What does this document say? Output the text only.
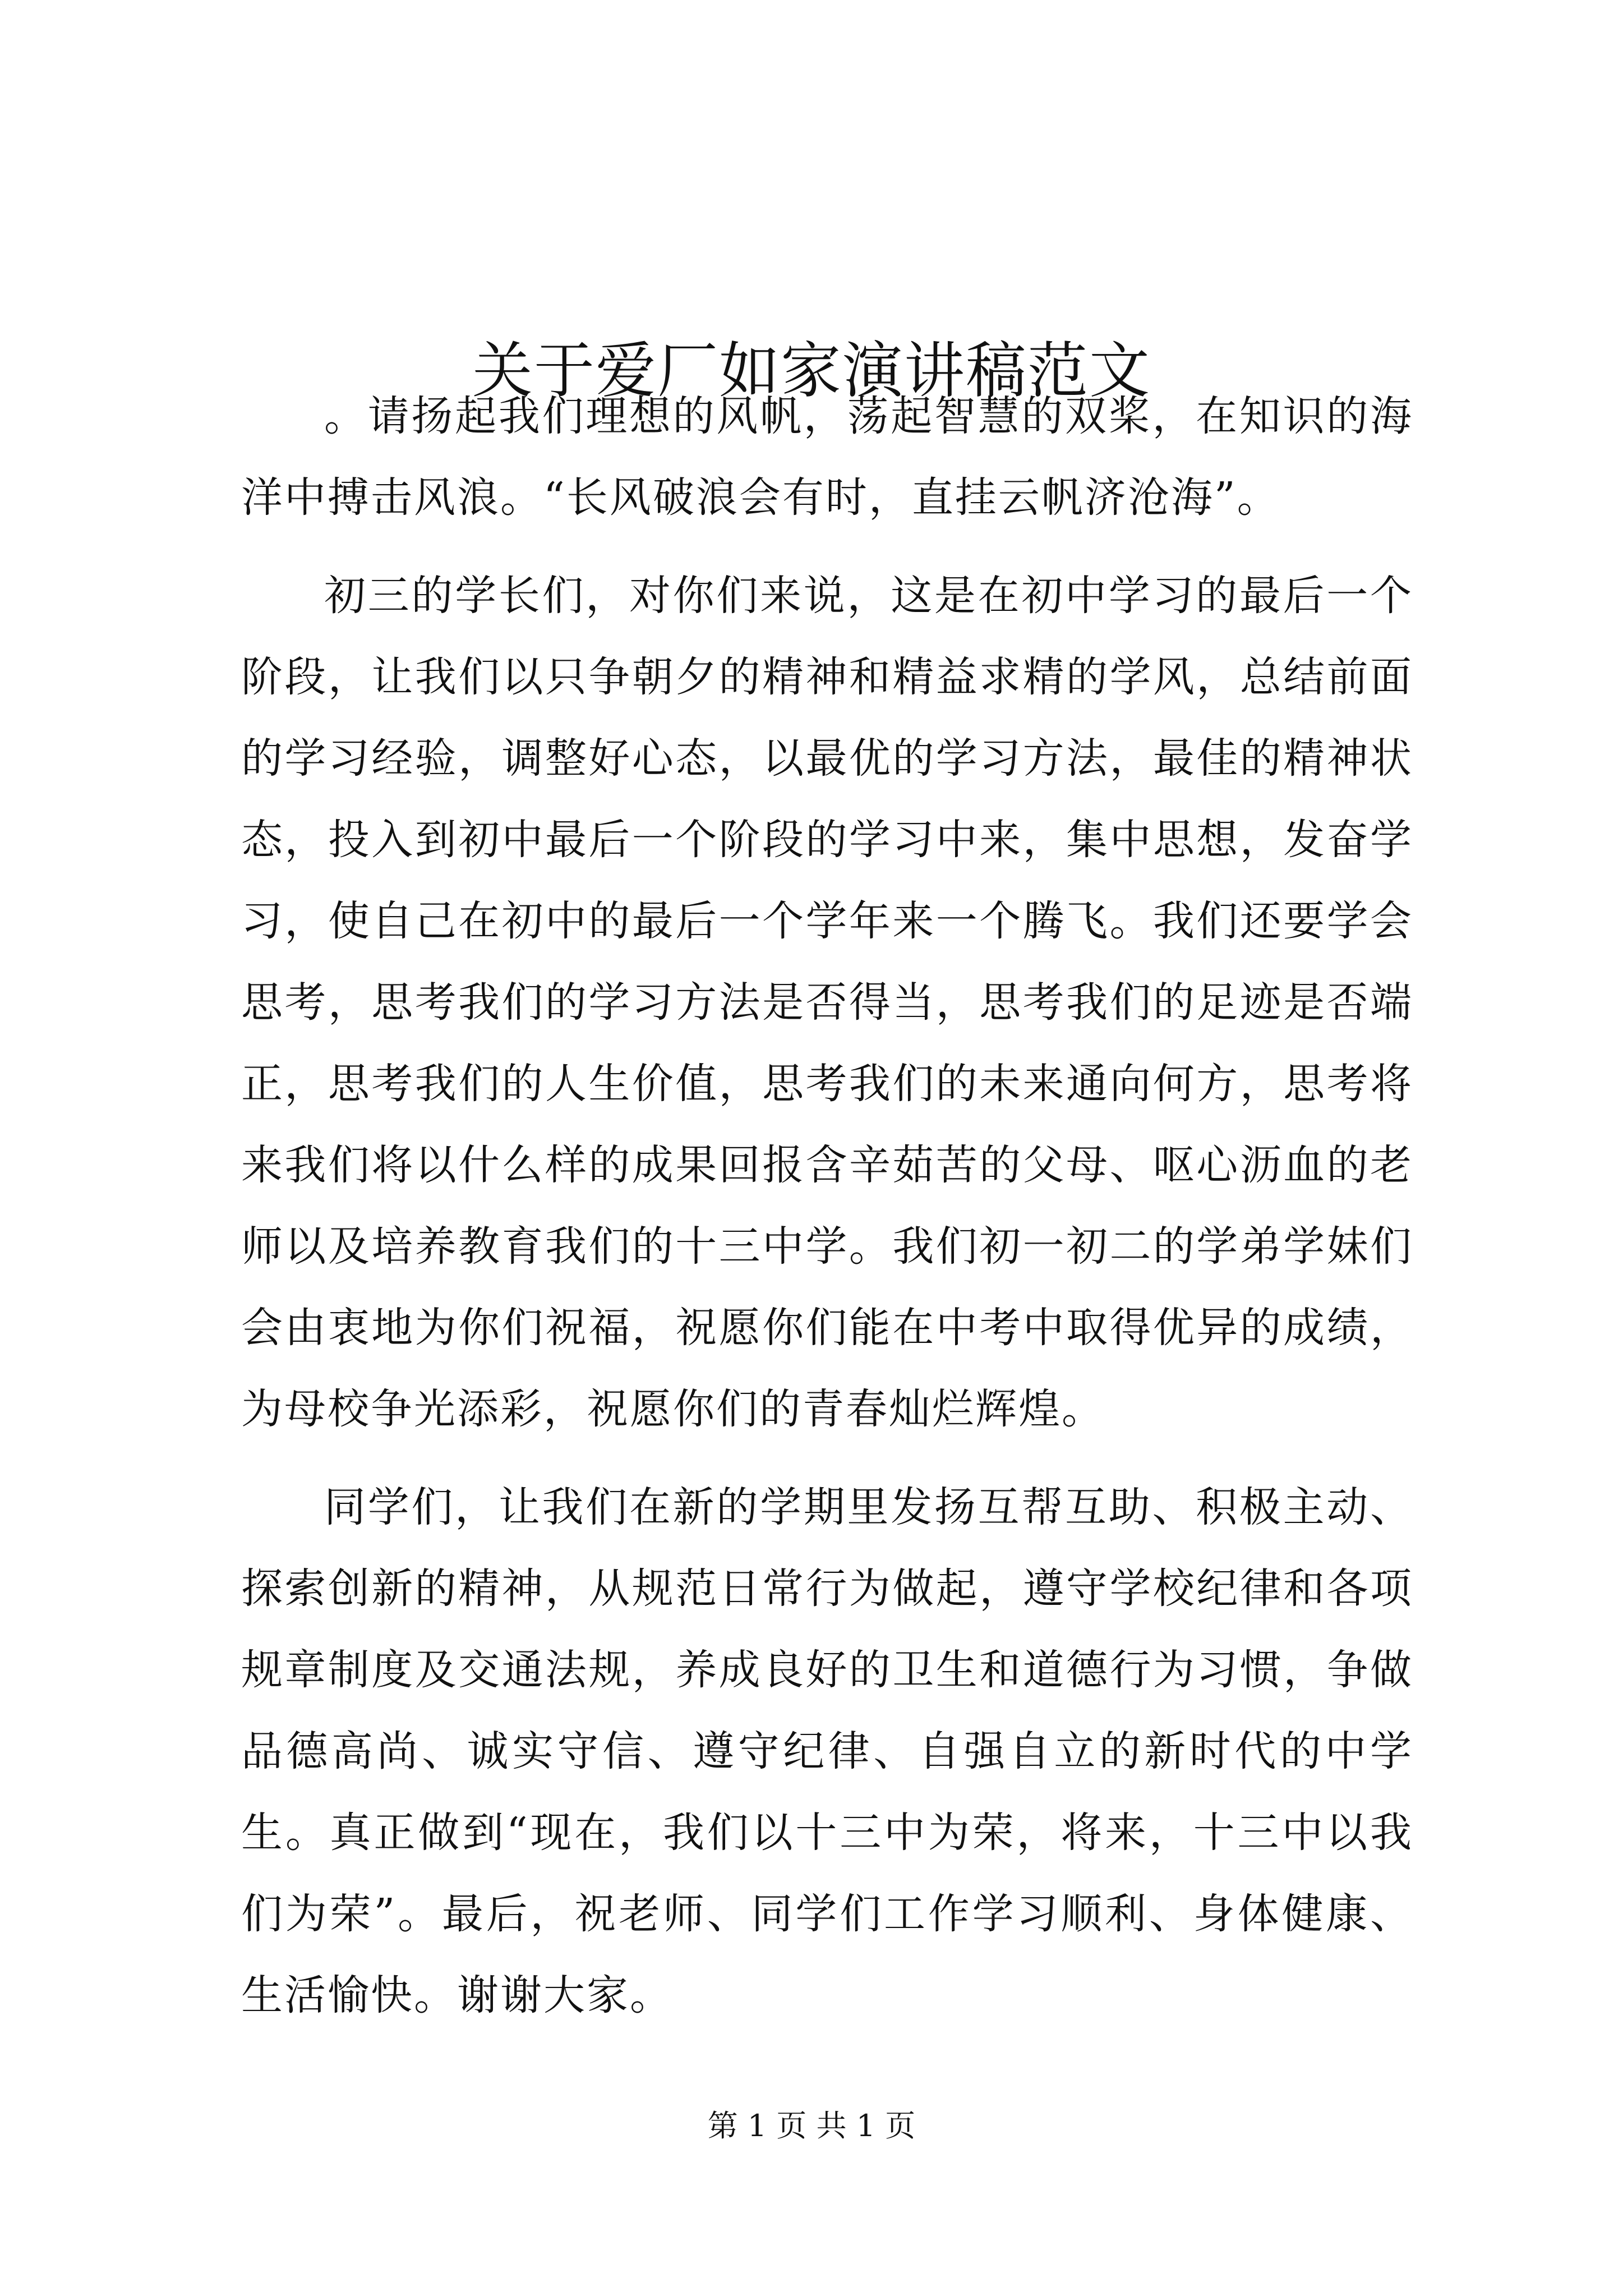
关于爱厂如家演讲稿范文

。请扬起我们理想的风帆，荡起智慧的双桨，在知识的海洋中搏击风浪。“长风破浪会有时，直挂云帆济沧海”。

初三的学长们，对你们来说，这是在初中学习的最后一个阶段，让我们以只争朝夕的精神和精益求精的学风，总结前面的学习经验，调整好心态，以最优的学习方法，最佳的精神状态，投入到初中最后一个阶段的学习中来，集中思想，发奋学习，使自己在初中的最后一个学年来一个腾飞。我们还要学会思考，思考我们的学习方法是否得当，思考我们的足迹是否端正，思考我们的人生价值，思考我们的未来通向何方，思考将来我们将以什么样的成果回报含辛茹苦的父母、呕心沥血的老师以及培养教育我们的十三中学。我们初一初二的学弟学妹们会由衷地为你们祝福，祝愿你们能在中考中取得优异的成绩，为母校争光添彩，祝愿你们的青春灿烂辉煌。

同学们，让我们在新的学期里发扬互帮互助、积极主动、探索创新的精神，从规范日常行为做起，遵守学校纪律和各项规章制度及交通法规，养成良好的卫生和道德行为习惯，争做品德高尚、诚实守信、遵守纪律、自强自立的新时代的中学生。真正做到“现在，我们以十三中为荣，将来，十三中以我们为荣”。最后，祝老师、同学们工作学习顺利、身体健康、生活愉快。谢谢大家。

第 1 页 共 1 页
